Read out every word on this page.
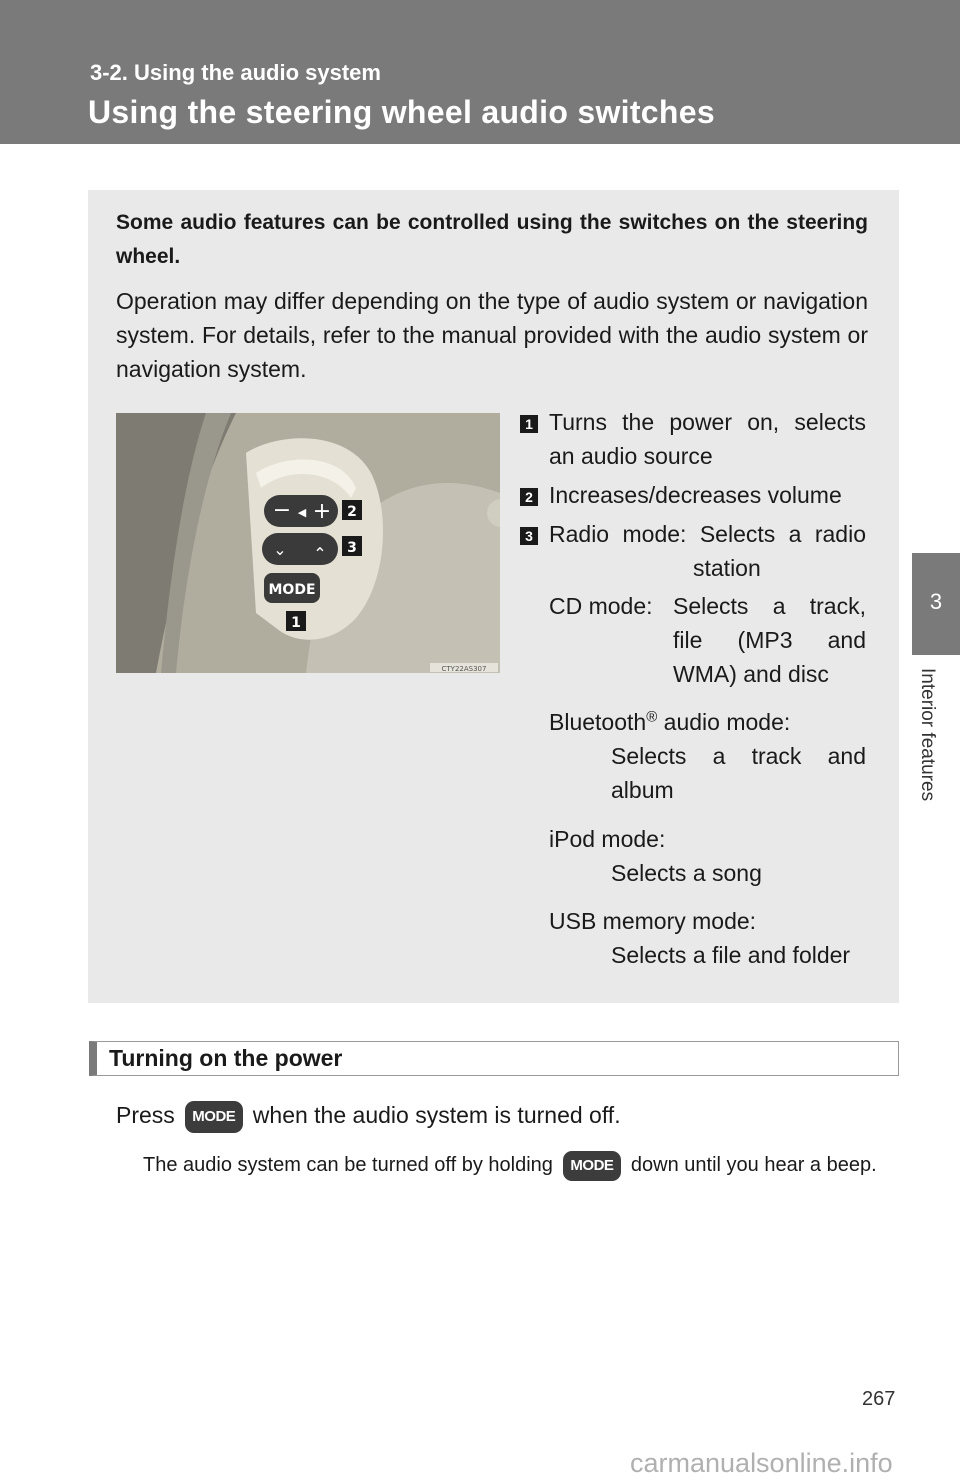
3-2. Using the audio system
Using the steering wheel audio switches
3
Interior features
Some audio features can be controlled using the switches on the steering wheel.
Operation may differ depending on the type of audio system or navigation system. For details, refer to the manual provided with the audio system or navigation system.
− ◀ +
⌄ ⌃
MODE
2
3
1
CTY22AS307
1 Turns the power on, selects
an audio source
2 Increases/decreases volume
3 Radio mode: Selects a radio
station
CD mode: Selects a track,
file (MP3 and
WMA) and disc
Bluetooth® audio mode:
Selects a track and
album
iPod mode:
Selects a song
USB memory mode:
Selects a file and folder
Turning on the power
Press MODE when the audio system is turned off.
The audio system can be turned off by holding MODE down until you hear a beep.
267
carmanualsonline.info
